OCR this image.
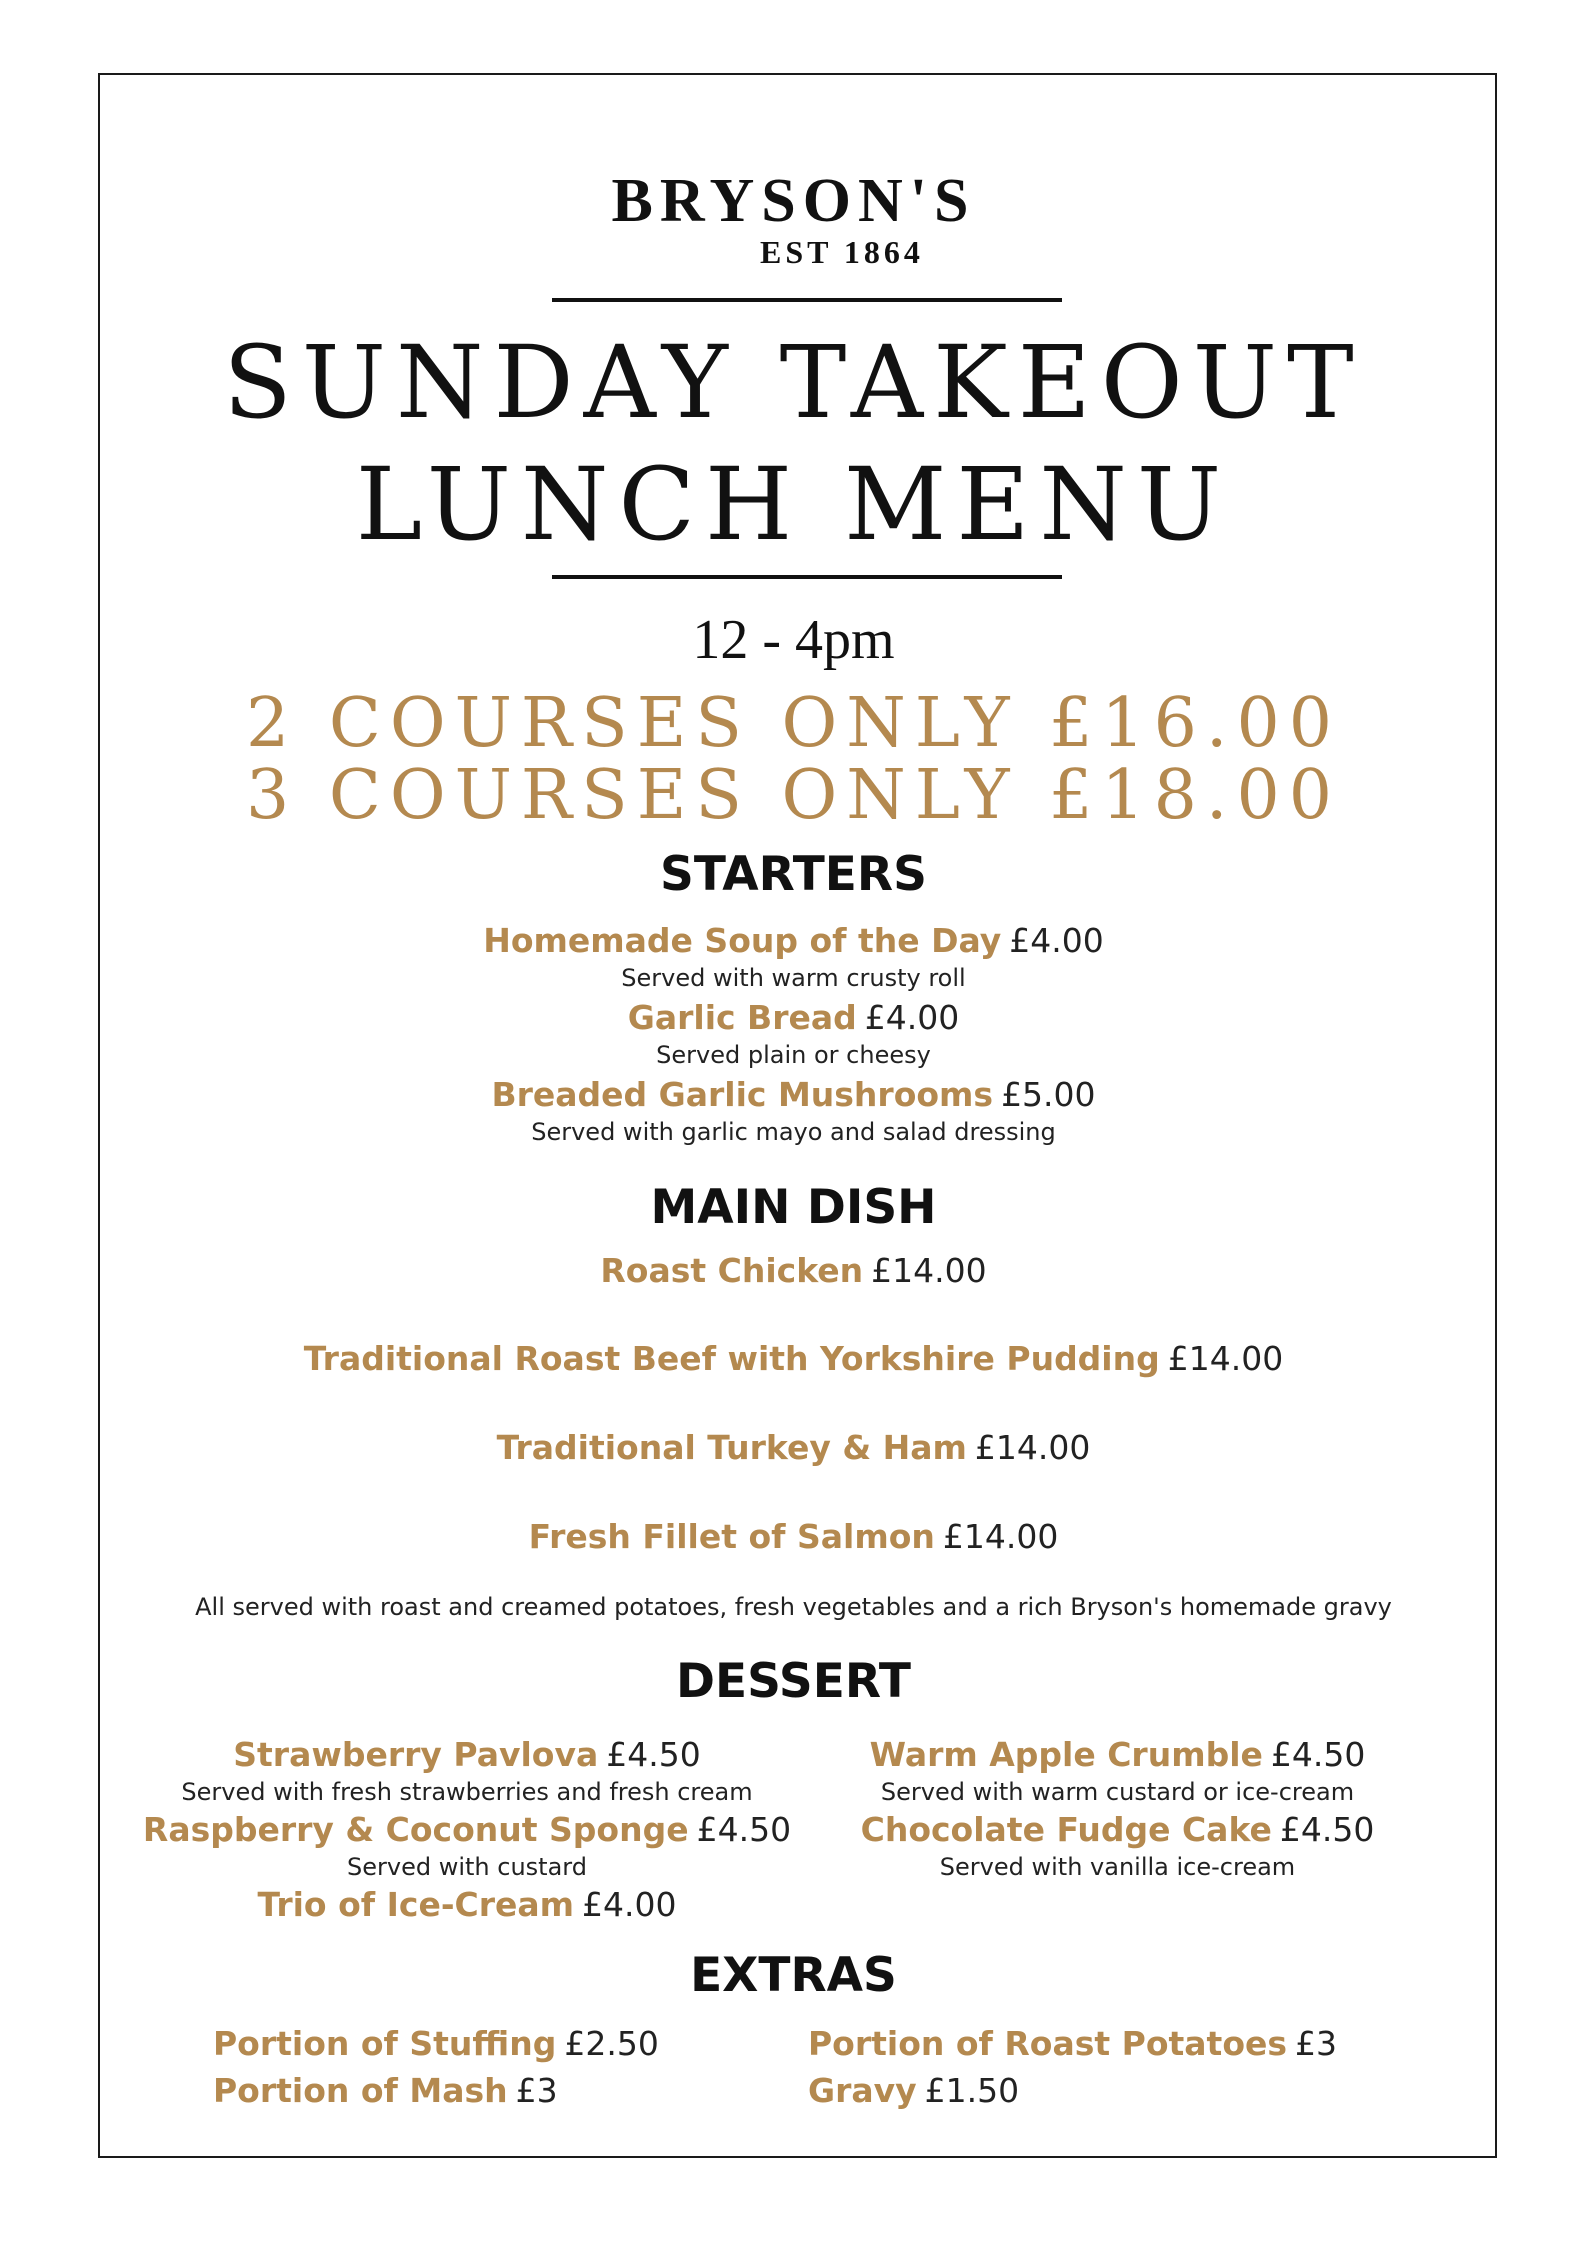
BRYSON'S
EST 1864
SUNDAY TAKEOUT
LUNCH MENU
12 - 4pm
2 COURSES ONLY £16.00
3 COURSES ONLY £18.00
STARTERS
Homemade Soup of the Day £4.00
Served with warm crusty roll
Garlic Bread £4.00
Served plain or cheesy
Breaded Garlic Mushrooms £5.00
Served with garlic mayo and salad dressing
MAIN DISH
Roast Chicken £14.00
Traditional Roast Beef with Yorkshire Pudding £14.00
Traditional Turkey & Ham £14.00
Fresh Fillet of Salmon £14.00
All served with roast and creamed potatoes, fresh vegetables and a rich Bryson's homemade gravy
DESSERT
Strawberry Pavlova £4.50
Served with fresh strawberries and fresh cream
Raspberry & Coconut Sponge £4.50
Served with custard
Trio of Ice-Cream £4.00
Warm Apple Crumble £4.50
Served with warm custard or ice-cream
Chocolate Fudge Cake £4.50
Served with vanilla ice-cream
EXTRAS
Portion of Stuffing £2.50
Portion of Mash £3
Portion of Roast Potatoes £3
Gravy £1.50
